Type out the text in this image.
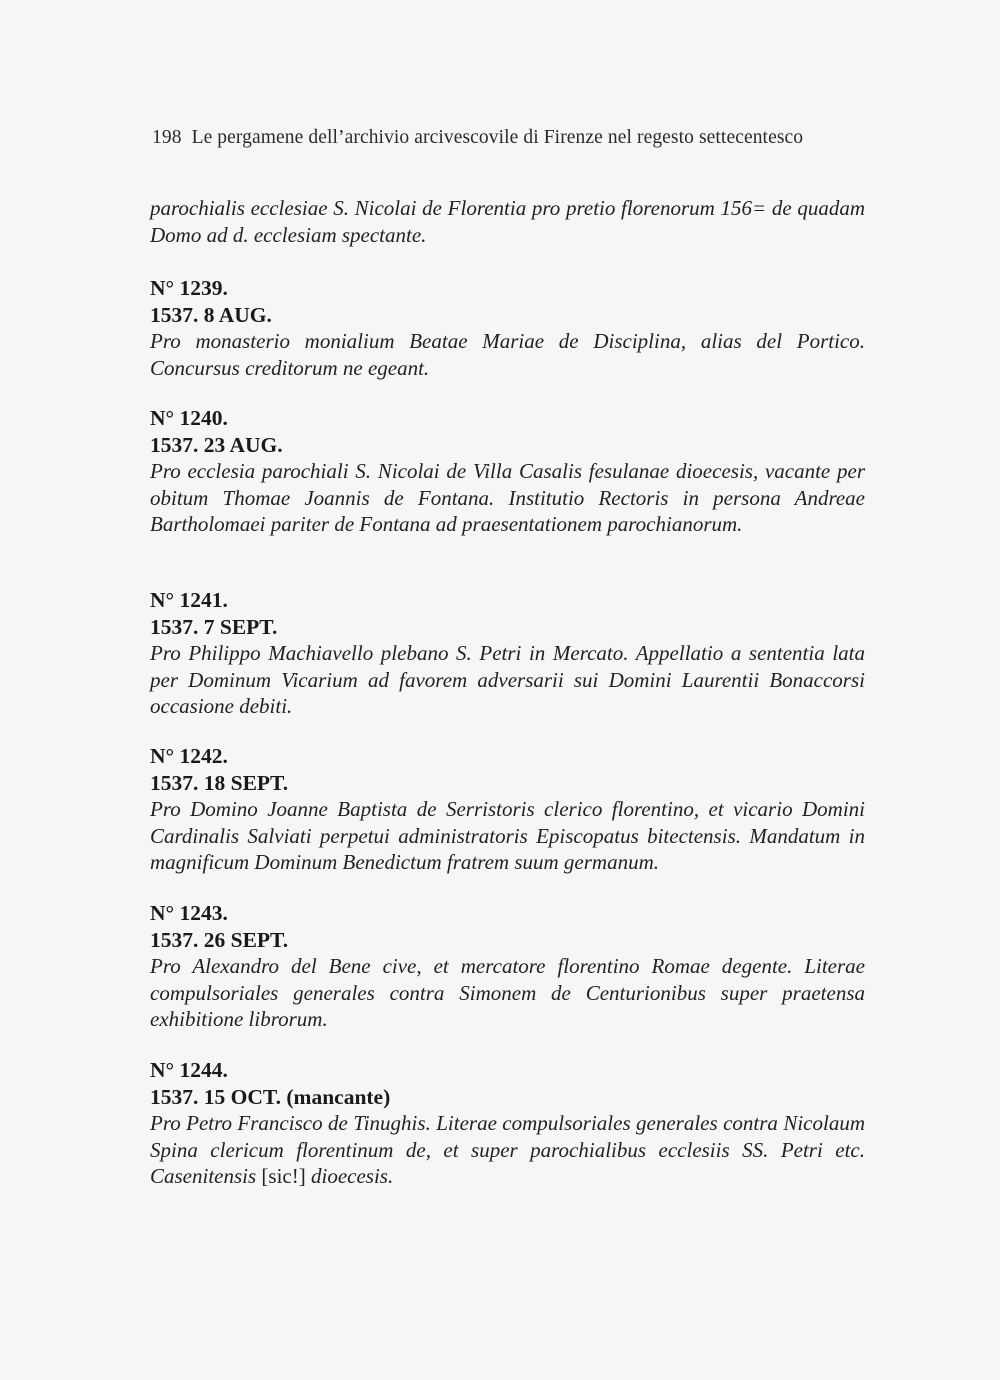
198 Le pergamene dell’archivio arcivescovile di Firenze nel regesto settecentesco

parochialis ecclesiae S. Nicolai de Florentia pro pretio florenorum 156= de quadam Domo ad d. ecclesiam spectante.

N° 1239.

1537. 8 AUG.

Pro monasterio monialium Beatae Mariae de Disciplina, alias del Portico. Concursus creditorum ne egeant.

N° 1240.

1537. 23 AUG.

Pro ecclesia parochiali S. Nicolai de Villa Casalis fesulanae dioecesis, vacante per obitum Thomae Joannis de Fontana. Institutio Rectoris in persona Andreae Bartholomaei pariter de Fontana ad praesentationem parochianorum.

N° 1241.

1537. 7 SEPT.

Pro Philippo Machiavello plebano S. Petri in Mercato. Appellatio a sententia lata per Dominum Vicarium ad favorem adversarii sui Domini Laurentii Bonaccorsi occasione debiti.

N° 1242.

1537. 18 SEPT.

Pro Domino Joanne Baptista de Serristoris clerico florentino, et vicario Domini Cardinalis Salviati perpetui administratoris Episcopatus bitectensis. Mandatum in magnificum Dominum Benedictum fratrem suum germanum.

N° 1243.

1537. 26 SEPT.

Pro Alexandro del Bene cive, et mercatore florentino Romae degente. Literae compulsoriales generales contra Simonem de Centurionibus super praetensa exhibitione librorum.

N° 1244.

1537. 15 OCT. (mancante)

Pro Petro Francisco de Tinughis. Literae compulsoriales generales contra Nicolaum Spina clericum florentinum de, et super parochialibus ecclesiis SS. Petri etc. Casenitensis [sic!] dioecesis.
